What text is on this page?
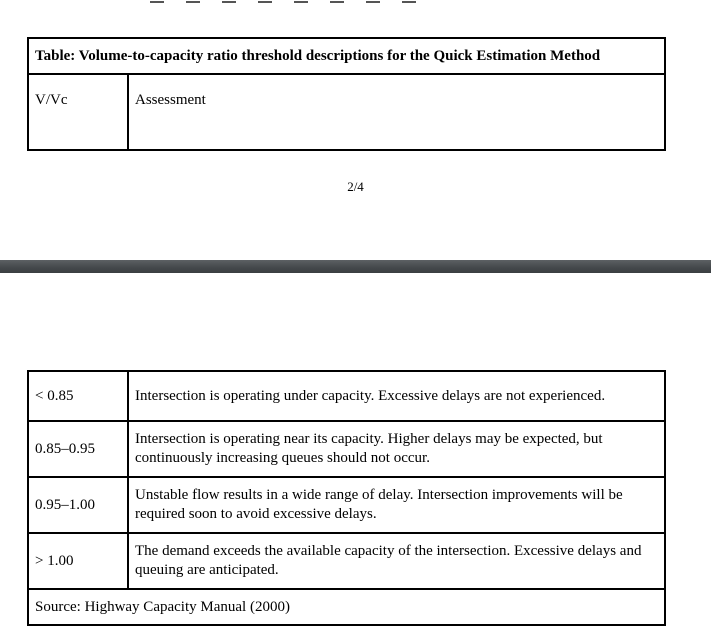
Table: Volume-to-capacity ratio threshold descriptions for the Quick Estimation Method
V/Vc	Assessment
2/4
< 0.85	Intersection is operating under capacity. Excessive delays are not experienced.
0.85–0.95	Intersection is operating near its capacity. Higher delays may be expected, but continuously increasing queues should not occur.
0.95–1.00	Unstable flow results in a wide range of delay. Intersection improvements will be required soon to avoid excessive delays.
> 1.00	The demand exceeds the available capacity of the intersection. Excessive delays and queuing are anticipated.
Source: Highway Capacity Manual (2000)	
